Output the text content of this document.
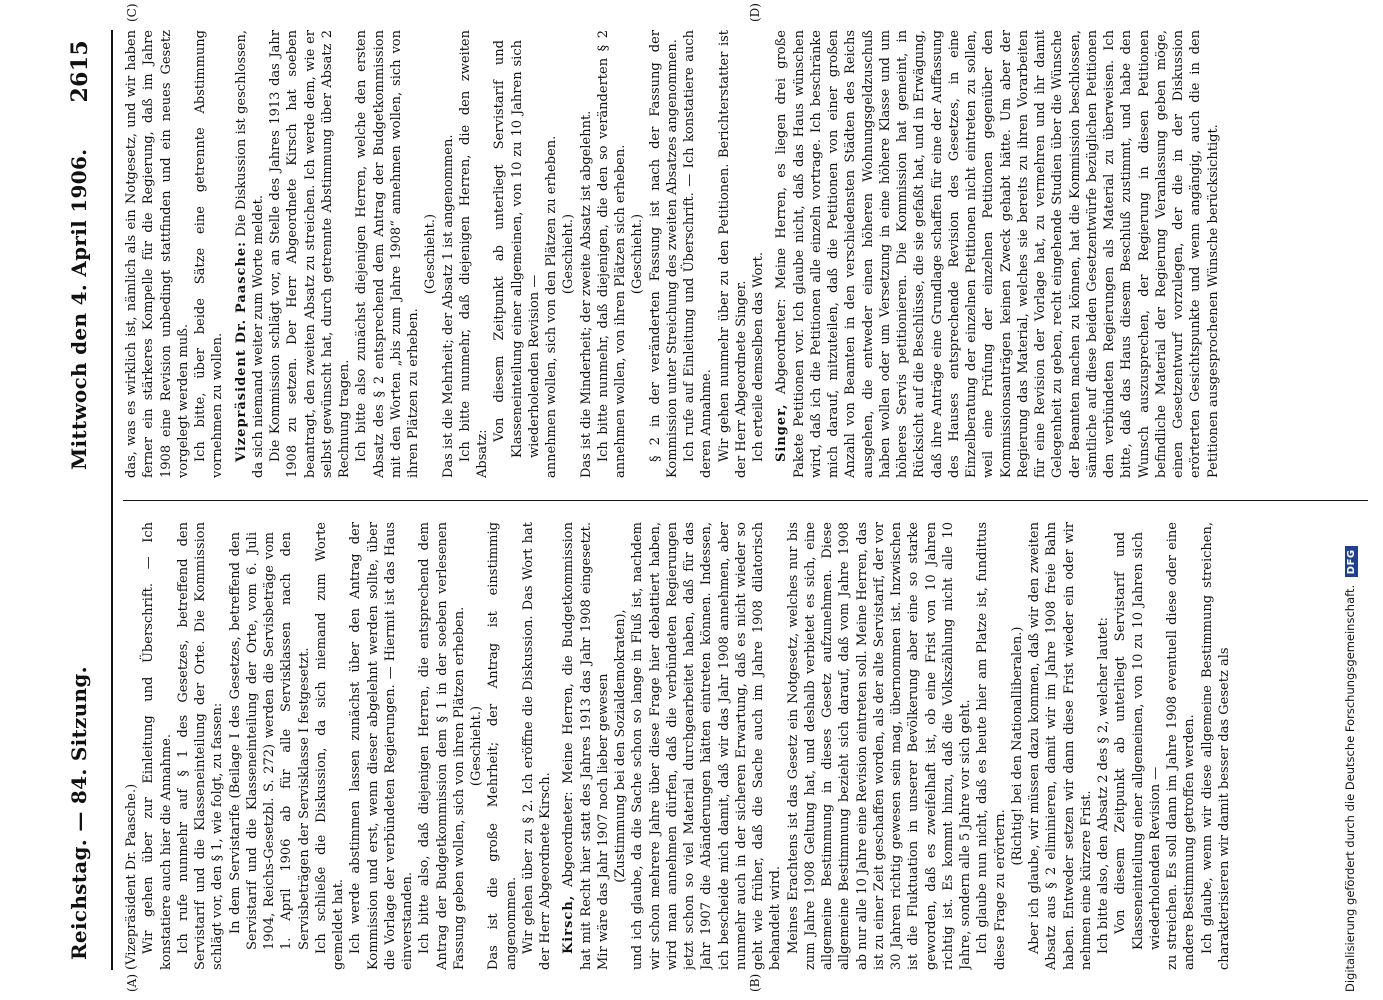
Reichstag. — 84. Sitzung.
Mittwoch den 4. April 1906.
2615
(A)	(B)
(C)	(D)

(Vizepräsident Dr. Paasche.) Wir gehen über zur Einleitung und Überschrift. — Ich konstatiere auch hier die Annahme. Ich rufe nunmehr auf § 1 des Gesetzes, betreffend den Servistarif und die Klasseneinteilung der Orte. Die Kommission schlägt vor, den § 1, wie folgt, zu fassen: In dem Servistarife (Beilage I des Gesetzes, betreffend den Servistarif und die Klasseneinteilung der Orte, vom 6. Juli 1904, Reichs-Gesetzbl. S. 272) werden die Servisbeträge vom 1. April 1906 ab für alle Servisklassen nach den Servisbeträgen der Servisklasse I festgesetzt. Ich schließe die Diskussion, da sich niemand zum Worte gemeldet hat. Ich werde abstimmen lassen zunächst über den Antrag der Kommission und erst, wenn dieser abgelehnt werden sollte, über die Vorlage der verbündeten Regierungen. — Hiermit ist das Haus einverstanden. Ich bitte also, daß diejenigen Herren, die entsprechend dem Antrag der Budgetkommission dem § 1 in der soeben verlesenen Fassung geben wollen, sich von ihren Plätzen erheben. (Geschieht.) Das ist die große Mehrheit; der Antrag ist einstimmig angenommen. Wir gehen über zu § 2. Ich eröffne die Diskussion. Das Wort hat der Herr Abgeordnete Kirsch. Kirsch, Abgeordneter: Meine Herren, die Budgetkommission hat mit Recht hier statt des Jahres 1913 das Jahr 1908 eingesetzt. Mir wäre das Jahr 1907 noch lieber gewesen (Zustimmung bei den Sozialdemokraten), und ich glaube, da die Sache schon so lange in Fluß ist, nachdem wir schon mehrere Jahre über diese Frage hier debattiert haben, wird man annehmen dürfen, daß die verbündeten Regierungen jetzt schon so viel Material durchgearbeitet haben, daß für das Jahr 1907 die Abänderungen hätten eintreten können. Indessen, ich bescheide mich damit, daß wir das Jahr 1908 annehmen, aber nunmehr auch in der sicheren Erwartung, daß es nicht wieder so geht wie früher, daß die Sache auch im Jahre 1908 dilatorisch behandelt wird. Meines Erachtens ist das Gesetz ein Notgesetz, welches nur bis zum Jahre 1908 Geltung hat, und deshalb verbietet es sich, eine allgemeine Bestimmung in dieses Gesetz aufzunehmen. Diese allgemeine Bestimmung bezieht sich darauf, daß vom Jahre 1908 ab nur alle 10 Jahre eine Revision eintreten soll. Meine Herren, das ist zu einer Zeit geschaffen worden, als der alte Servistarif, der vor 30 Jahren richtig gewesen sein mag, übernommen ist. Inzwischen ist die Fluktuation in unserer Bevölkerung aber eine so starke geworden, daß es zweifelhaft ist, ob eine Frist von 10 Jahren richtig ist. Es kommt hinzu, daß die Volkszählung nicht alle 10 Jahre, sondern alle 5 Jahre vor sich geht. Ich glaube nun nicht, daß es heute hier am Platze ist, fundittus diese Frage zu erörtern.

(Richtig! bei den Nationalliberalen.) Aber ich glaube, wir müssen dazu kommen, daß wir den zweiten Absatz aus § 2 eliminieren, damit wir im Jahre 1908 freie Bahn haben. Entweder setzen wir dann diese Frist wieder ein oder wir nehmen eine kürzere Frist. Ich bitte also, den Absatz 2 des § 2, welcher lautet: Von diesem Zeitpunkt ab unterliegt Servistarif und Klasseneinteilung einer allgemeinen, von 10 zu 10 Jahren sich wiederholenden Revision — zu streichen. Es soll dann im Jahre 1908 eventuell diese oder eine andere Bestimmung getroffen werden. Ich glaube, wenn wir diese allgemeine Bestimmung streichen, charakterisieren wir damit besser das Gesetz als

das, was es wirklich ist, nämlich als ein Notgesetz, und wir haben ferner ein stärkeres Kompelle für die Regierung, daß im Jahre 1908 eine Revision unbedingt stattfinden und ein neues Gesetz vorgelegt werden muß. Ich bitte, über beide Sätze eine getrennte Abstimmung vornehmen zu wollen. Vizepräsident Dr. Paasche: Die Diskussion ist geschlossen, da sich niemand weiter zum Worte meldet. Die Kommission schlägt vor, an Stelle des Jahres 1913 das Jahr 1908 zu setzen. Der Herr Abgeordnete Kirsch hat soeben beantragt, den zweiten Absatz zu streichen. Ich werde dem, wie er selbst gewünscht hat, durch getrennte Abstimmung über Absatz 2 Rechnung tragen. Ich bitte also zunächst diejenigen Herren, welche den ersten Absatz des § 2 entsprechend dem Antrag der Budgetkommission mit den Worten „bis zum Jahre 1908“ annehmen wollen, sich von ihren Plätzen zu erheben.

(Geschieht.) Das ist die Mehrheit; der Absatz 1 ist angenommen. Ich bitte nunmehr, daß diejenigen Herren, die den zweiten Absatz:

Von diesem Zeitpunkt ab unterliegt Servistarif und Klasseneinteilung einer allgemeinen, von 10 zu 10 Jahren sich wiederholenden Revision — annehmen wollen, sich von den Plätzen zu erheben. (Geschieht.) Das ist die Minderheit; der zweite Absatz ist abgelehnt. Ich bitte nunmehr, daß diejenigen, die den so veränderten § 2 annehmen wollen, von ihren Plätzen sich erheben. (Geschieht.) § 2 in der veränderten Fassung ist nach der Fassung der Kommission unter Streichung des zweiten Absatzes angenommen. Ich rufe auf Einleitung und Überschrift. — Ich konstatiere auch deren Annahme. Wir gehen nunmehr über zu den Petitionen. Berichterstatter ist der Herr Abgeordnete Singer. Ich erteile demselben das Wort. Singer, Abgeordneter: Meine Herren, es liegen drei große Pakete Petitionen vor. Ich glaube nicht, daß das Haus wünschen wird, daß ich die Petitionen alle einzeln vortrage. Ich beschränke mich darauf, mitzuteilen, daß die Petitionen von einer großen Anzahl von Beamten in den verschiedensten Städten des Reichs ausgehen, die entweder einen höheren Wohnungsgeldzuschuß haben wollen oder um Versetzung in eine höhere Klasse und um höheres Servis petitionieren. Die Kommission hat gemeint, in Rücksicht auf die Beschlüsse, die sie gefaßt hat, und in Erwägung, daß ihre Anträge eine Grundlage schaffen für eine der Auffassung des Hauses entsprechende Revision des Gesetzes, in eine Einzelberatung der einzelnen Petitionen nicht eintreten zu sollen, weil eine Prüfung der einzelnen Petitionen gegenüber den Kommissionsanträgen keinen Zweck gehabt hätte. Um aber der Regierung das Material, welches sie bereits zu ihren Vorarbeiten für eine Revision der Vorlage hat, zu vermehren und ihr damit Gelegenheit zu geben, recht eingehende Studien über die Wünsche der Beamten machen zu können, hat die Kommission beschlossen, sämtliche auf diese beiden Gesetzentwürfe bezüglichen Petitionen den verbündeten Regierungen als Material zu überweisen. Ich bitte, daß das Haus diesem Beschluß zustimmt, und habe den Wunsch auszusprechen, der Regierung in diesen Petitionen befindliche Material der Regierung Veranlassung geben möge, einen Gesetzentwurf vorzulegen, der die in der Diskussion erörterten Gesichtspunkte und wenn angängig, auch die in den Petitionen ausgesprochenen Wünsche berücksichtigt.

Digitalisierung gefördert durch die Deutsche Forschungsgemeinschaft. DFG
